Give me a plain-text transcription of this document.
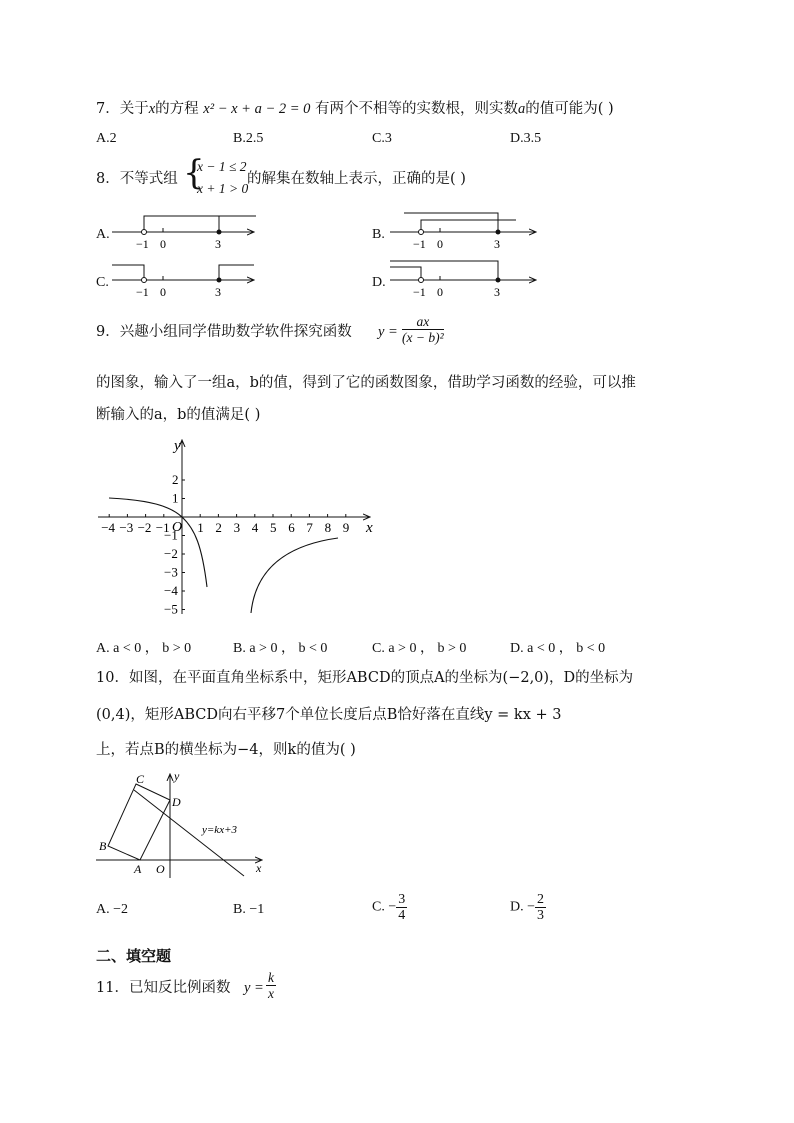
7．关于x的方程 x² − x + a − 2 = 0 有两个不相等的实数根，则实数a的值可能为( )
A.2	B.2.5	C.3	D.3.5
8．不等式组 {
x − 1 ≤ 2
x + 1 > 0
的解集在数轴上表示，正确的是( )
A.	B.
C.	D.
−1 0	3	−1 0	3
−1 0	3	−1 0	3
9．兴趣小组同学借助数学软件探究函数 $y = \frac{ax}{\text{(x − b)²}}$
的图象，输入了一组a，b的值，得到了它的函数图象，借助学习函数的经验，可以推
断输入的a，b的值满足( )
−4 −3 −2 −1 1 2 3 4 5 6 7 8 9
2
1
−1
−2
−3
−4
−5
y
x
O
A. a < 0 ， b > 0	B. a > 0 ， b < 0	C. a > 0 ， b > 0	D. a < 0 ， b < 0
10．如图，在平面直角坐标系中，矩形ABCD的顶点A的坐标为(−2,0)，D的坐标为
(0,4)，矩形ABCD向右平移7个单位长度后点B恰好落在直线y = kx + 3
上，若点B的横坐标为−4，则k的值为( )
C
D
B
A O	x
y
y=kx+3
A. −2	B. −1	C. − $\frac{3}{4}$	D. − $\frac{2}{3}$
二、填空题
11．已知反比例函数 $y = \frac{k}{x}$
